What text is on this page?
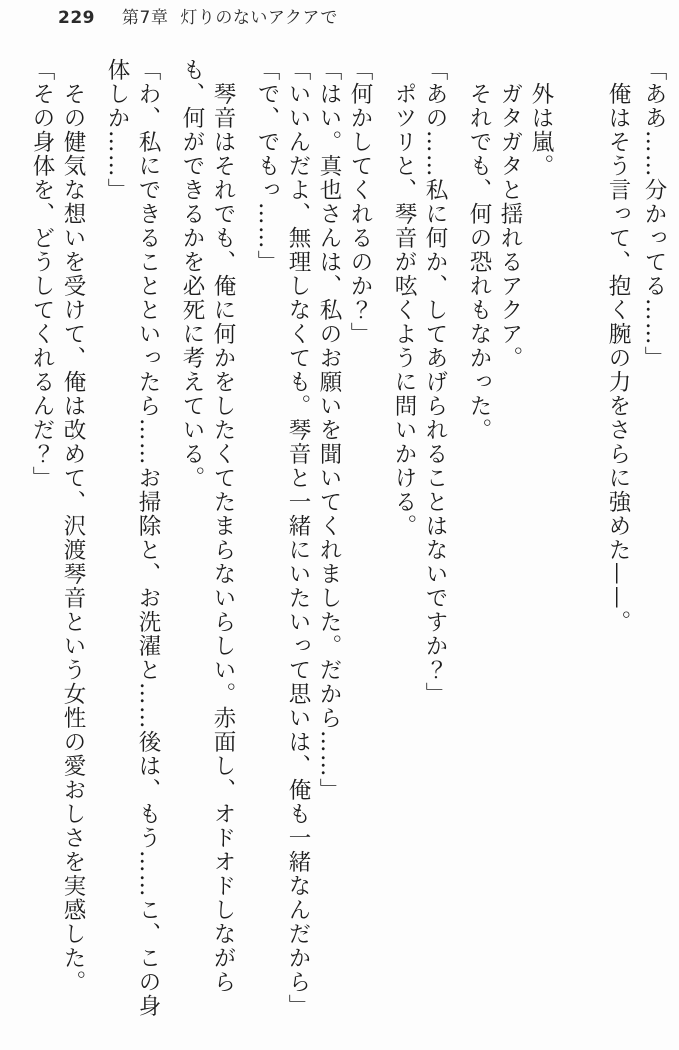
229 第7章 灯りのないアクアで

「ああ……分かってる……」

俺はそう言って、抱く腕の力をさらに強めた——。

外は嵐。

ガタガタと揺れるアクア。

それでも、何の恐れもなかった。

「あの……私に何か、してあげられることはないですか？」

ポツリと、琴音が呟くように問いかける。

「何かしてくれるのか？」

「はい。真也さんは、私のお願いを聞いてくれました。だから……」

「いいんだよ、無理しなくても。琴音と一緒にいたいって思いは、俺も一緒なんだから」

「で、でもっ……」

琴音はそれでも、俺に何かをしたくてたまらないらしい。赤面し、オドオドしながらも、何ができるかを必死に考えている。

「わ、私にできることといったら……お掃除と、お洗濯と……後は、もう……こ、この身体しか……」

その健気な想いを受けて、俺は改めて、沢渡琴音という女性の愛おしさを実感した。

「その身体を、どうしてくれるんだ？」
